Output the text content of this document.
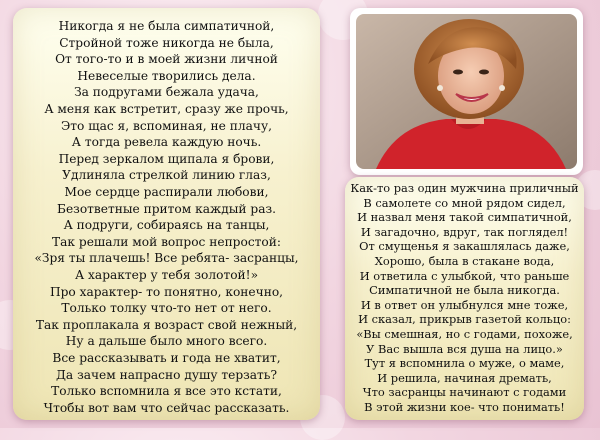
Никогда я не была симпатичной,
Стройной тоже никогда не была,
От того-то и в моей жизни личной
Невеселые творились дела.
За подругами бежала удача,
А меня как встретит, сразу же прочь,
Это щас я, вспоминая, не плачу,
А тогда ревела каждую ночь.
Перед зеркалом щипала я брови,
Удлиняла стрелкой линию глаз,
Мое сердце распирали любови,
Безответные притом каждый раз.
А подруги, собираясь на танцы,
Так решали мой вопрос непростой:
«Зря ты плачешь! Все ребята- засранцы,
А характер у тебя золотой!»
Про характер- то понятно, конечно,
Только толку что-то нет от него.
Так проплакала я возраст свой нежный,
Ну а дальше было много всего.
Все рассказывать и года не хватит,
Да зачем напрасно душу терзать?
Только вспомнила я все это кстати,
Чтобы вот вам что сейчас рассказать.
Как-то раз один мужчина приличный
В самолете со мной рядом сидел,
И назвал меня такой симпатичной,
И загадочно, вдруг, так поглядел!
От смущенья я закашлялась даже,
Хорошо, была в стакане вода,
И ответила с улыбкой, что раньше
Симпатичной не была никогда.
И в ответ он улыбнулся мне тоже,
И сказал, прикрыв газетой кольцо:
«Вы смешная, но с годами, похоже,
У Вас вышла вся душа на лицо.»
Тут я вспомнила о муже, о маме,
И решила, начиная дремать,
Что засранцы начинают с годами
В этой жизни кое- что понимать!
